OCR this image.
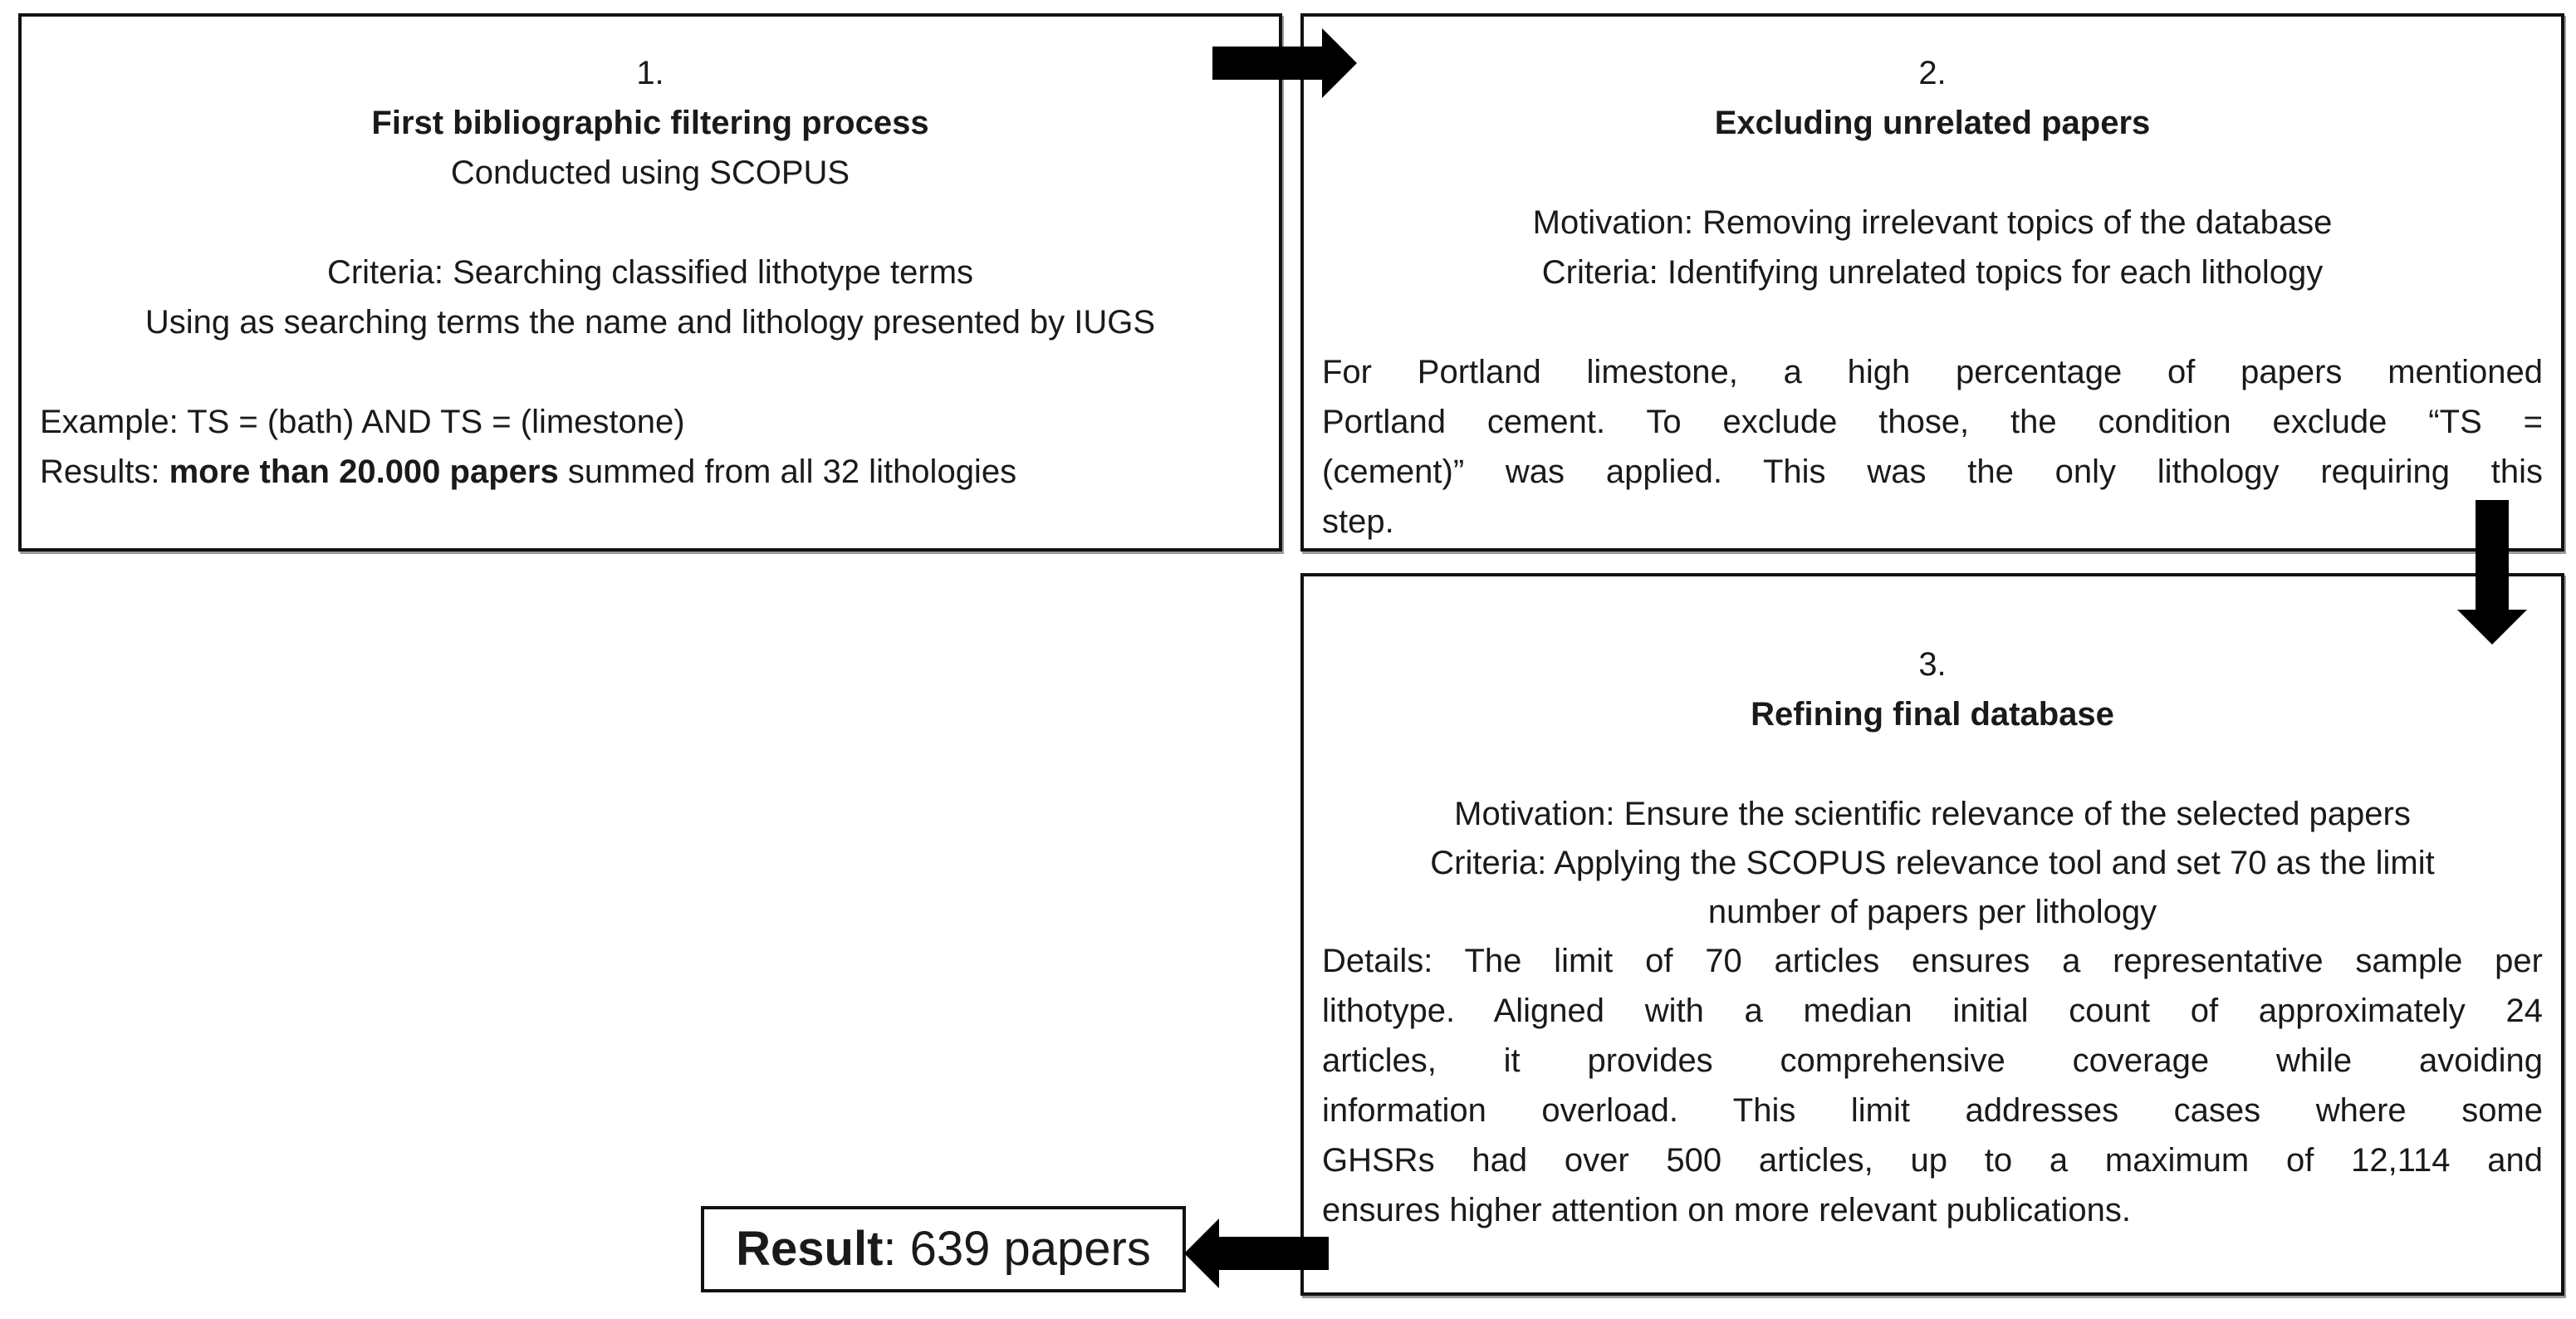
1.
First bibliographic filtering process
Conducted using SCOPUS
Criteria: Searching classified lithotype terms
Using as searching terms the name and lithology presented by IUGS
Example: TS = (bath) AND TS = (limestone)
Results: more than 20.000 papers summed from all 32 lithologies
2.
Excluding unrelated papers
Motivation: Removing irrelevant topics of the database
Criteria: Identifying unrelated topics for each lithology
For Portland limestone, a high percentage of papers mentioned
Portland cement. To exclude those, the condition exclude “TS =
(cement)” was applied. This was the only lithology requiring this
step.
3.
Refining final database
Motivation: Ensure the scientific relevance of the selected papers
Criteria: Applying the SCOPUS relevance tool and set 70 as the limit
number of papers per lithology
Details: The limit of 70 articles ensures a representative sample per
lithotype. Aligned with a median initial count of approximately 24
articles, it provides comprehensive coverage while avoiding
information overload. This limit addresses cases where some
GHSRs had over 500 articles, up to a maximum of 12,114 and
ensures higher attention on more relevant publications.
Result: 639 papers
